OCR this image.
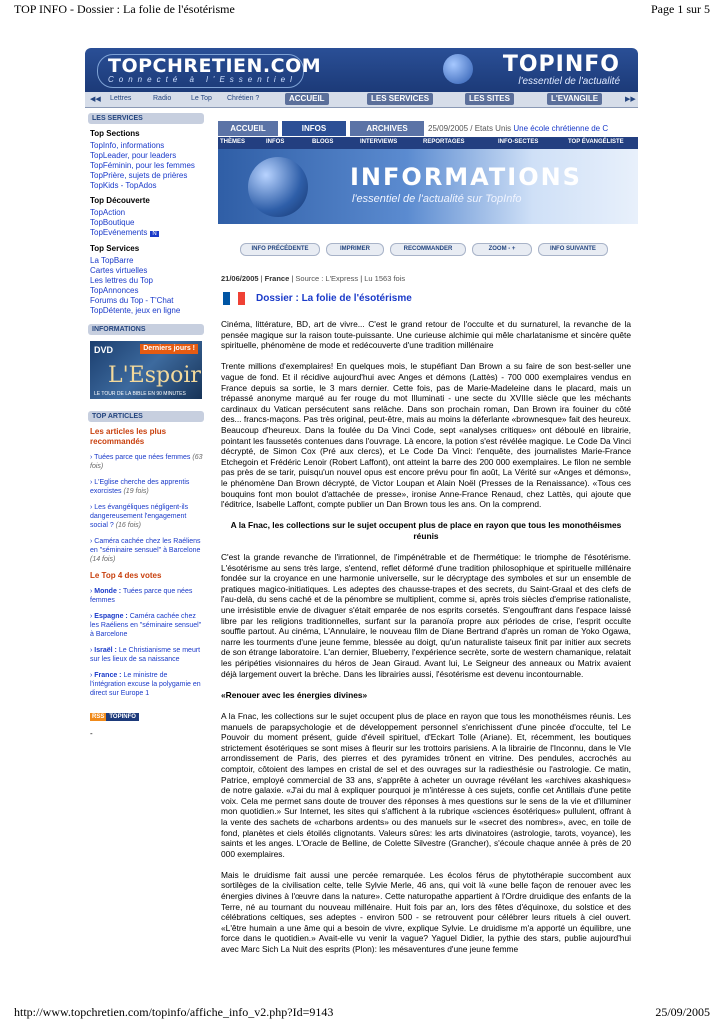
TOP INFO - Dossier : La folie de l'ésotérisme	Page 1 sur 5
TOPCHRETIEN.COM
Connecté à l'Essentiel
TOPINFO
l'essentiel de l'actualité
◀◀ Lettres	Radio	Le Top Chrétien ?	ACCUEIL	LES SERVICES	LES SITES	L'EVANGILE	▶▶
LES SERVICES
Top Sections
TopInfo, informations
TopLeader, pour leaders
TopFéminin, pour les femmes
TopPrière, sujets de prières
TopKids - TopAdos
Top Découverte
TopAction
TopBoutique
TopEvénements N
Top Services
La TopBarre
Cartes virtuelles
Les lettres du Top
TopAnnonces
Forums du Top - T'Chat
TopDétente, jeux en ligne
INFORMATIONS
DVD	Derniers jours !
L'Espoir
LE TOUR DE LA BIBLE EN 90 MINUTES
TOP ARTICLES
Les articles les plus recommandés
› Tuées parce que nées femmes (63 fois)
› L'Eglise cherche des apprentis exorcistes (19 fois)
› Les évangéliques négligent-ils dangereusement l'engagement social ? (16 fois)
› Caméra cachée chez les Raéliens en "séminaire sensuel" à Barcelone (14 fois)
Le Top 4 des votes
› Monde : Tuées parce que nées femmes
› Espagne : Caméra cachée chez les Raéliens en "séminaire sensuel" à Barcelone
› Israël : Le Christianisme se meurt sur les lieux de sa naissance
› France : Le ministre de l'intégration excuse la polygamie en direct sur Europe 1
RSS TOPINFO
-
ACCUEIL	INFOS	ARCHIVES	25/09/2005 / Etats Unis Une école chrétienne de C
THÈMES	INFOS	BLOGS	INTERVIEWS	REPORTAGES	INFO-SECTES	TOP ÉVANGÉLISTE
INFORMATIONS
l'essentiel de l'actualité sur TopInfo
INFO PRÉCÉDENTE	IMPRIMER	RECOMMANDER	ZOOM - +	INFO SUIVANTE
21/06/2005 | France | Source : L'Express | Lu 1563 fois
Dossier : La folie de l'ésotérisme

Cinéma, littérature, BD, art de vivre... C'est le grand retour de l'occulte et du surnaturel, la revanche de la pensée magique sur la raison toute-puissante. Une curieuse alchimie qui mêle charlatanisme et sincère quête spirituelle, phénomène de mode et redécouverte d'une tradition millénaire

Trente millions d'exemplaires! En quelques mois, le stupéfiant Dan Brown a su faire de son best-seller une vague de fond. Et il récidive aujourd'hui avec Anges et démons (Lattès) - 700 000 exemplaires vendus en France depuis sa sortie, le 3 mars dernier. Cette fois, pas de Marie-Madeleine dans le placard, mais un trépassé anonyme marqué au fer rouge du mot Illuminati - une secte du XVIIIe siècle que les méchants cardinaux du Vatican persécutent sans relâche. Dans son prochain roman, Dan Brown ira fouiner du côté des... francs-maçons. Pas très original, peut-être, mais au moins la déferlante «brownesque» fait des heureux. Beaucoup d'heureux. Dans la foulée du Da Vinci Code, sept «analyses critiques» ont déboulé en librairie, pointant les faussetés contenues dans l'ouvrage. Là encore, la potion s'est révélée magique. Le Code Da Vinci décrypté, de Simon Cox (Pré aux clercs), et Le Code Da Vinci: l'enquête, des journalistes Marie-France Etchegoin et Frédéric Lenoir (Robert Laffont), ont atteint la barre des 200 000 exemplaires. Le filon ne semble pas près de se tarir, puisqu'un nouvel opus est encore prévu pour fin août, La Vérité sur «Anges et démons», le phénomène Dan Brown décrypté, de Victor Loupan et Alain Noël (Presses de la Renaissance). «Tous ces bouquins font mon boulot d'attachée de presse», ironise Anne-France Renaud, chez Lattès, qui ajoute que l'éditrice, Isabelle Laffont, compte publier un Dan Brown tous les ans. On la comprend.

A la Fnac, les collections sur le sujet occupent plus de place en rayon que tous les monothéismes réunis

C'est la grande revanche de l'irrationnel, de l'impénétrable et de l'hermétique: le triomphe de l'ésotérisme. L'ésotérisme au sens très large, s'entend, reflet déformé d'une tradition philosophique et spirituelle millénaire fondée sur la croyance en une harmonie universelle, sur le décryptage des symboles et sur un ensemble de pratiques magico-initiatiques. Les adeptes des chausse-trapes et des secrets, du Saint-Graal et des clefs de l'au-delà, du sens caché et de la pénombre se multiplient, comme si, après trois siècles d'emprise rationaliste, une irrésistible envie de divaguer s'était emparée de nos esprits corsetés. S'engouffrant dans l'espace laissé libre par les religions traditionnelles, surfant sur la paranoïa propre aux périodes de crise, l'esprit occulte souffle partout. Au cinéma, L'Annulaire, le nouveau film de Diane Bertrand d'après un roman de Yoko Ogawa, narre les tourments d'une jeune femme, blessée au doigt, qu'un naturaliste taiseux finit par initier aux secrets de son étrange laboratoire. L'an dernier, Blueberry, l'expérience secrète, sorte de western chamanique, relatait les péripéties visionnaires du héros de Jean Giraud. Avant lui, Le Seigneur des anneaux ou Matrix avaient déjà largement ouvert la brèche. Dans les librairies aussi, l'ésotérisme est devenu incontournable.

«Renouer avec les énergies divines»

A la Fnac, les collections sur le sujet occupent plus de place en rayon que tous les monothéismes réunis. Les manuels de parapsychologie et de développement personnel s'enrichissent d'une pincée d'occulte, tel Le Pouvoir du moment présent, guide d'éveil spirituel, d'Eckart Tolle (Ariane). Et, récemment, les boutiques strictement ésotériques se sont mises à fleurir sur les trottoirs parisiens. A la librairie de l'Inconnu, dans le VIe arrondissement de Paris, des pierres et des pyramides trônent en vitrine. Des pendules, accrochés au comptoir, côtoient des lampes en cristal de sel et des ouvrages sur la radiesthésie ou l'astrologie. Ce matin, Patrice, employé commercial de 33 ans, s'apprête à acheter un ouvrage révélant les «archives akashiques» de notre galaxie. «J'ai du mal à expliquer pourquoi je m'intéresse à ces sujets, confie cet Antillais d'une petite voix. Cela me permet sans doute de trouver des réponses à mes questions sur le sens de la vie et d'illuminer mon quotidien.» Sur Internet, les sites qui s'affichent à la rubrique «sciences ésotériques» pullulent, offrant à la vente des sachets de «charbons ardents» ou des manuels sur le «secret des nombres», avec, en toile de fond, planètes et ciels étoilés clignotants. Valeurs sûres: les arts divinatoires (astrologie, tarots, voyance), les saints et les anges. L'Oracle de Belline, de Colette Silvestre (Grancher), s'écoule chaque année à près de 20 000 exemplaires.

Mais le druidisme fait aussi une percée remarquée. Les écolos férus de phytothérapie succombent aux sortilèges de la civilisation celte, telle Sylvie Merle, 46 ans, qui voit là «une belle façon de renouer avec les énergies divines à l'œuvre dans la nature». Cette naturopathe appartient à l'Ordre druidique des enfants de la Terre, né au tournant du nouveau millénaire. Huit fois par an, lors des fêtes d'équinoxe, du solstice et des célébrations celtiques, ses adeptes - environ 500 - se retrouvent pour célébrer leurs rituels à ciel ouvert. «L'être humain a une âme qui a besoin de vivre, explique Sylvie. Le druidisme m'a apporté un équilibre, une force dans le quotidien.» Avait-elle vu venir la vague? Yaguel Didier, la pythie des stars, publie aujourd'hui avec Marc Sich La Nuit des esprits (Plon): les mésaventures d'une jeune femme

http://www.topchretien.com/topinfo/affiche_info_v2.php?Id=9143	25/09/2005
